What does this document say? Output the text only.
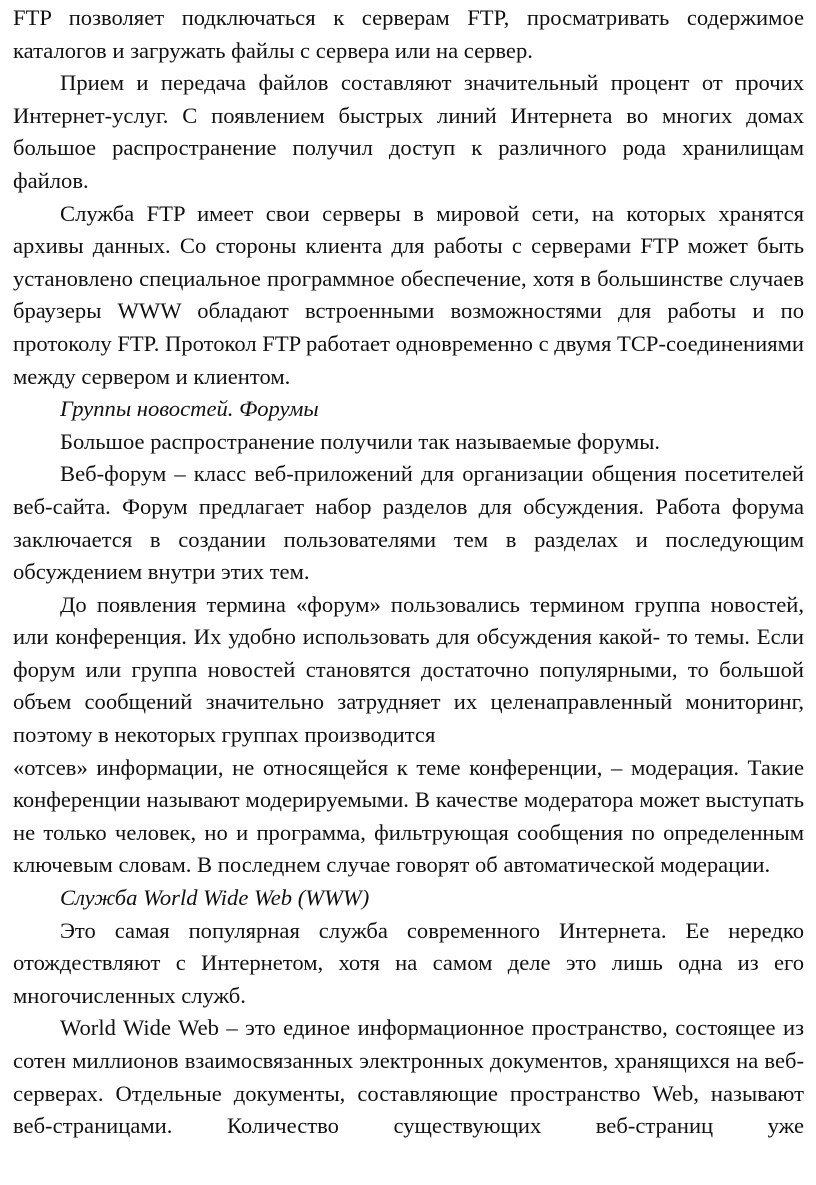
FTP позволяет подключаться к серверам FTP, просматривать содержимое каталогов и загружать файлы с сервера или на сервер.

Прием и передача файлов составляют значительный процент от прочих Интернет-услуг. С появлением быстрых линий Интернета во многих домах большое распространение получил доступ к различного рода хранилищам файлов.

Служба FTP имеет свои серверы в мировой сети, на которых хранятся архивы данных. Со стороны клиента для работы с серверами FTP может быть установлено специальное программное обеспечение, хотя в большинстве случаев браузеры WWW обладают встроенными возможностями для работы и по протоколу FTP. Протокол FTP работает одновременно с двумя TCP-соединениями между сервером и клиентом.

Группы новостей. Форумы

Большое распространение получили так называемые форумы.

Веб-форум – класс веб-приложений для организации общения посетителей веб-сайта. Форум предлагает набор разделов для обсуждения. Работа форума заключается в создании пользователями тем в разделах и последующим обсуждением внутри этих тем.

До появления термина «форум» пользовались термином группа новостей, или конференция. Их удобно использовать для обсуждения какой- то темы. Если форум или группа новостей становятся достаточно популярными, то большой объем сообщений значительно затрудняет их целенаправленный мониторинг, поэтому в некоторых группах производится

«отсев» информации, не относящейся к теме конференции, – модерация. Такие конференции называют модерируемыми. В качестве модератора может выступать не только человек, но и программа, фильтрующая сообщения по определенным ключевым словам. В последнем случае говорят об автоматической модерации.

Служба World Wide Web (WWW)

Это самая популярная служба современного Интернета. Ее нередко отождествляют с Интернетом, хотя на самом деле это лишь одна из его многочисленных служб.

World Wide Web – это единое информационное пространство, состоящее из сотен миллионов взаимосвязанных электронных документов, хранящихся на веб-серверах. Отдельные документы, составляющие пространство Web, называют веб-страницами. Количество существующих веб-страниц уже
